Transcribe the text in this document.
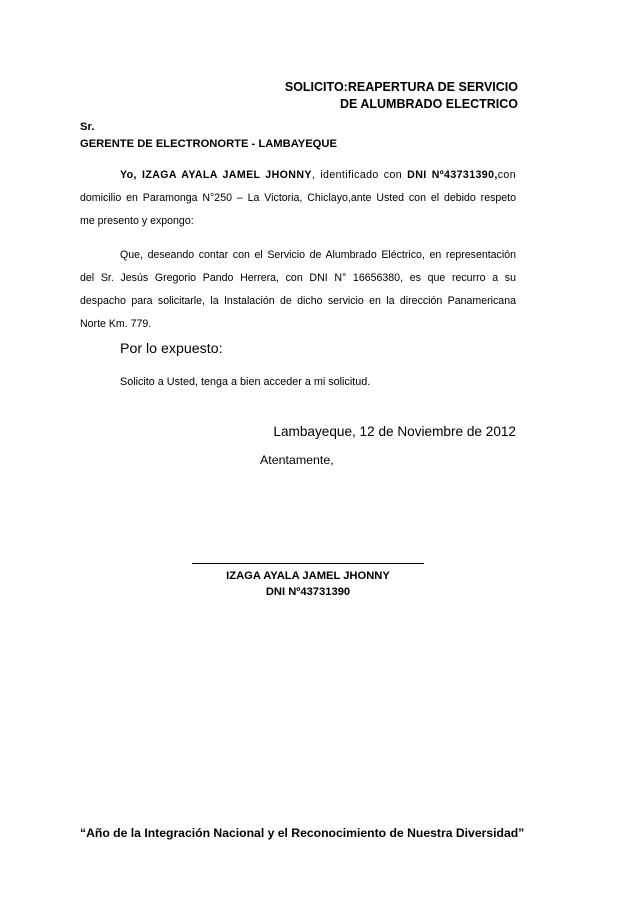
SOLICITO:REAPERTURA DE SERVICIO
DE ALUMBRADO ELECTRICO
Sr.
GERENTE DE ELECTRONORTE - LAMBAYEQUE
Yo, IZAGA AYALA JAMEL JHONNY, identificado con DNI Nº43731390,con
domicilio en Paramonga N°250 – La Victoria, Chiclayo,ante Usted con el debido respeto
me presento y expongo:
Que, deseando contar con el Servicio de Alumbrado Eléctrico, en representación
del Sr. Jesús Gregorio Pando Herrera, con DNI N° 16656380, es que recurro a su
despacho para solicitarle, la Instalación de dicho servicio en la dirección Panamericana
Norte Km. 779.
Por lo expuesto:
Solicito a Usted, tenga a bien acceder a mi solicitud.
Lambayeque, 12 de Noviembre de 2012
Atentamente,
IZAGA AYALA JAMEL JHONNY
DNI Nº43731390
“Año de la Integración Nacional y el Reconocimiento de Nuestra Diversidad”
